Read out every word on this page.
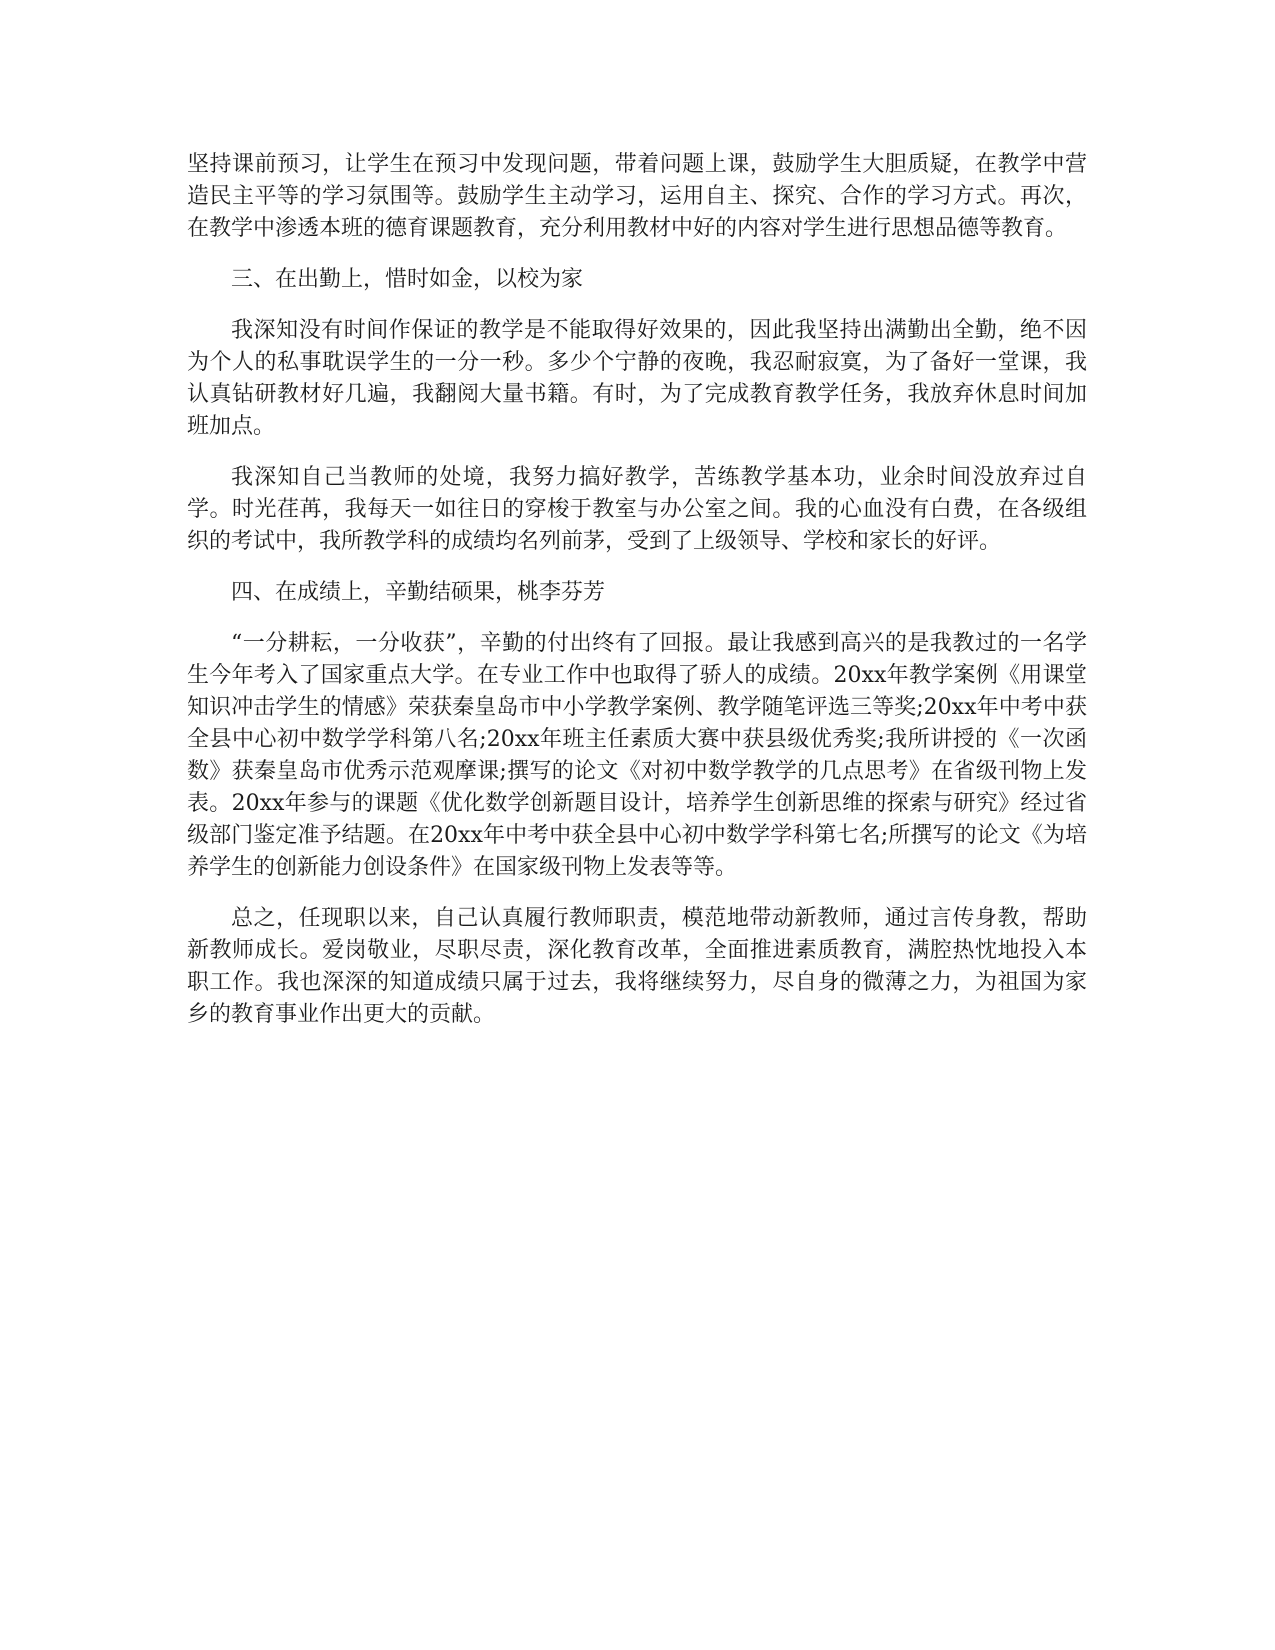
坚持课前预习，让学生在预习中发现问题，带着问题上课，鼓励学生大胆质疑，在教学中营造民主平等的学习氛围等。鼓励学生主动学习，运用自主、探究、合作的学习方式。再次，在教学中渗透本班的德育课题教育，充分利用教材中好的内容对学生进行思想品德等教育。

三、在出勤上，惜时如金，以校为家

我深知没有时间作保证的教学是不能取得好效果的，因此我坚持出满勤出全勤，绝不因为个人的私事耽误学生的一分一秒。多少个宁静的夜晚，我忍耐寂寞，为了备好一堂课，我认真钻研教材好几遍，我翻阅大量书籍。有时，为了完成教育教学任务，我放弃休息时间加班加点。

我深知自己当教师的处境，我努力搞好教学，苦练教学基本功，业余时间没放弃过自学。时光荏苒，我每天一如往日的穿梭于教室与办公室之间。我的心血没有白费，在各级组织的考试中，我所教学科的成绩均名列前茅，受到了上级领导、学校和家长的好评。

四、在成绩上，辛勤结硕果，桃李芬芳

“一分耕耘，一分收获”，辛勤的付出终有了回报。最让我感到高兴的是我教过的一名学生今年考入了国家重点大学。在专业工作中也取得了骄人的成绩。20xx年教学案例《用课堂知识冲击学生的情感》荣获秦皇岛市中小学教学案例、教学随笔评选三等奖;20xx年中考中获全县中心初中数学学科第八名;20xx年班主任素质大赛中获县级优秀奖;我所讲授的《一次函数》获秦皇岛市优秀示范观摩课;撰写的论文《对初中数学教学的几点思考》在省级刊物上发表。20xx年参与的课题《优化数学创新题目设计，培养学生创新思维的探索与研究》经过省级部门鉴定准予结题。在20xx年中考中获全县中心初中数学学科第七名;所撰写的论文《为培养学生的创新能力创设条件》在国家级刊物上发表等等。

总之，任现职以来，自己认真履行教师职责，模范地带动新教师，通过言传身教，帮助新教师成长。爱岗敬业，尽职尽责，深化教育改革，全面推进素质教育，满腔热忱地投入本职工作。我也深深的知道成绩只属于过去，我将继续努力，尽自身的微薄之力，为祖国为家乡的教育事业作出更大的贡献。
